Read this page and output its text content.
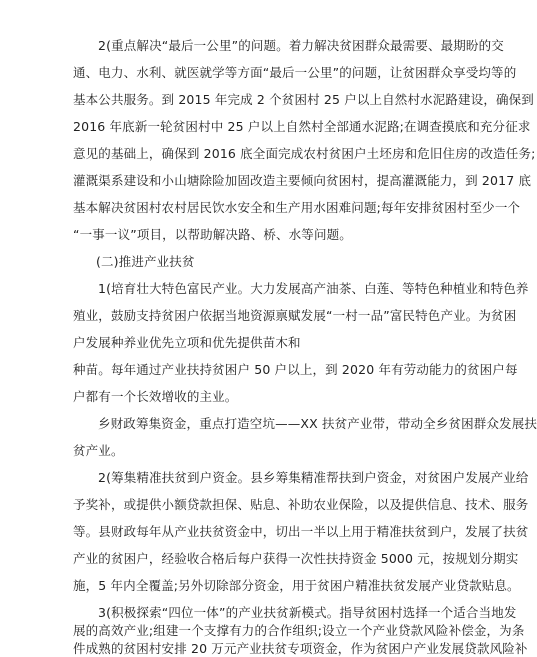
2(重点解决“最后一公里”的问题。着力解决贫困群众最需要、最期盼的交
通、电力、水利、就医就学等方面“最后一公里”的问题，让贫困群众享受均等的
基本公共服务。到 2015 年完成 2 个贫困村 25 户以上自然村水泥路建设，确保到
2016 年底新一轮贫困村中 25 户以上自然村全部通水泥路;在调查摸底和充分征求
意见的基础上，确保到 2016 底全面完成农村贫困户土坯房和危旧住房的改造任务;
灌溉渠系建设和小山塘除险加固改造主要倾向贫困村，提高灌溉能力，到 2017 底
基本解决贫困村农村居民饮水安全和生产用水困难问题;每年安排贫困村至少一个
“一事一议”项目，以帮助解决路、桥、水等问题。
(二)推进产业扶贫
1(培育壮大特色富民产业。大力发展高产油茶、白莲、等特色种植业和特色养
殖业，鼓励支持贫困户依据当地资源禀赋发展“一村一品”富民特色产业。为贫困
户发展种养业优先立项和优先提供苗木和
种苗。每年通过产业扶持贫困户 50 户以上，到 2020 年有劳动能力的贫困户每
户都有一个长效增收的主业。
乡财政筹集资金，重点打造空坑——XX 扶贫产业带，带动全乡贫困群众发展扶
贫产业。
2(筹集精准扶贫到户资金。县乡筹集精准帮扶到户资金，对贫困户发展产业给
予奖补，或提供小额贷款担保、贴息、补助农业保险，以及提供信息、技术、服务
等。县财政每年从产业扶贫资金中，切出一半以上用于精准扶贫到户，发展了扶贫
产业的贫困户，经验收合格后每户获得一次性扶持资金 5000 元，按规划分期实
施，5 年内全覆盖;另外切除部分资金，用于贫困户精准扶贫发展产业贷款贴息。
3(积极探索“四位一体”的产业扶贫新模式。指导贫困村选择一个适合当地发
展的高效产业;组建一个支撑有力的合作组织;设立一个产业贷款风险补偿金，为条
件成熟的贫困村安排 20 万元产业扶贫专项资金，作为贫困户产业发展贷款风险补
